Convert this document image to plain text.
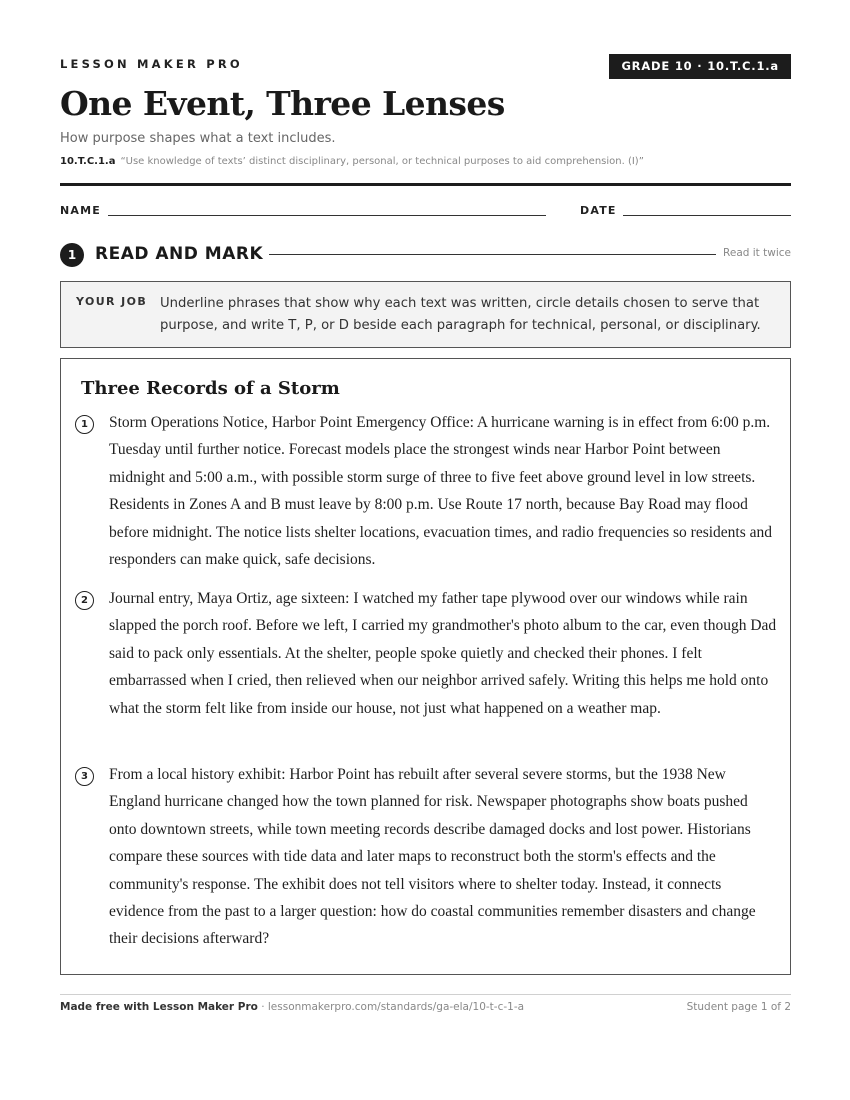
LESSON MAKER PRO	GRADE 10 · 10.T.C.1.a
One Event, Three Lenses
How purpose shapes what a text includes.
10.T.C.1.a “Use knowledge of texts’ distinct disciplinary, personal, or technical purposes to aid comprehension. (I)”
NAME	DATE
1	READ AND MARK	Read it twice
YOUR JOB Underline phrases that show why each text was written, circle details chosen to serve that purpose, and write T, P, or D beside each paragraph for technical, personal, or disciplinary.
Three Records of a Storm
1	Storm Operations Notice, Harbor Point Emergency Office: A hurricane warning is in effect from 6:00 p.m. Tuesday until further notice. Forecast models place the strongest winds near Harbor Point between midnight and 5:00 a.m., with possible storm surge of three to five feet above ground level in low streets. Residents in Zones A and B must leave by 8:00 p.m. Use Route 17 north, because Bay Road may flood before midnight. The notice lists shelter locations, evacuation times, and radio frequencies so residents and responders can make quick, safe decisions.

2	Journal entry, Maya Ortiz, age sixteen: I watched my father tape plywood over our windows while rain slapped the porch roof. Before we left, I carried my grandmother's photo album to the car, even though Dad said to pack only essentials. At the shelter, people spoke quietly and checked their phones. I felt embarrassed when I cried, then relieved when our neighbor arrived safely. Writing this helps me hold onto what the storm felt like from inside our house, not just what happened on a weather map.

3	From a local history exhibit: Harbor Point has rebuilt after several severe storms, but the 1938 New England hurricane changed how the town planned for risk. Newspaper photographs show boats pushed onto downtown streets, while town meeting records describe damaged docks and lost power. Historians compare these sources with tide data and later maps to reconstruct both the storm's effects and the community's response. The exhibit does not tell visitors where to shelter today. Instead, it connects evidence from the past to a larger question: how do coastal communities remember disasters and change their decisions afterward?

Made free with Lesson Maker Pro · lessonmakerpro.com/standards/ga-ela/10-t-c-1-a	Student page 1 of 2
